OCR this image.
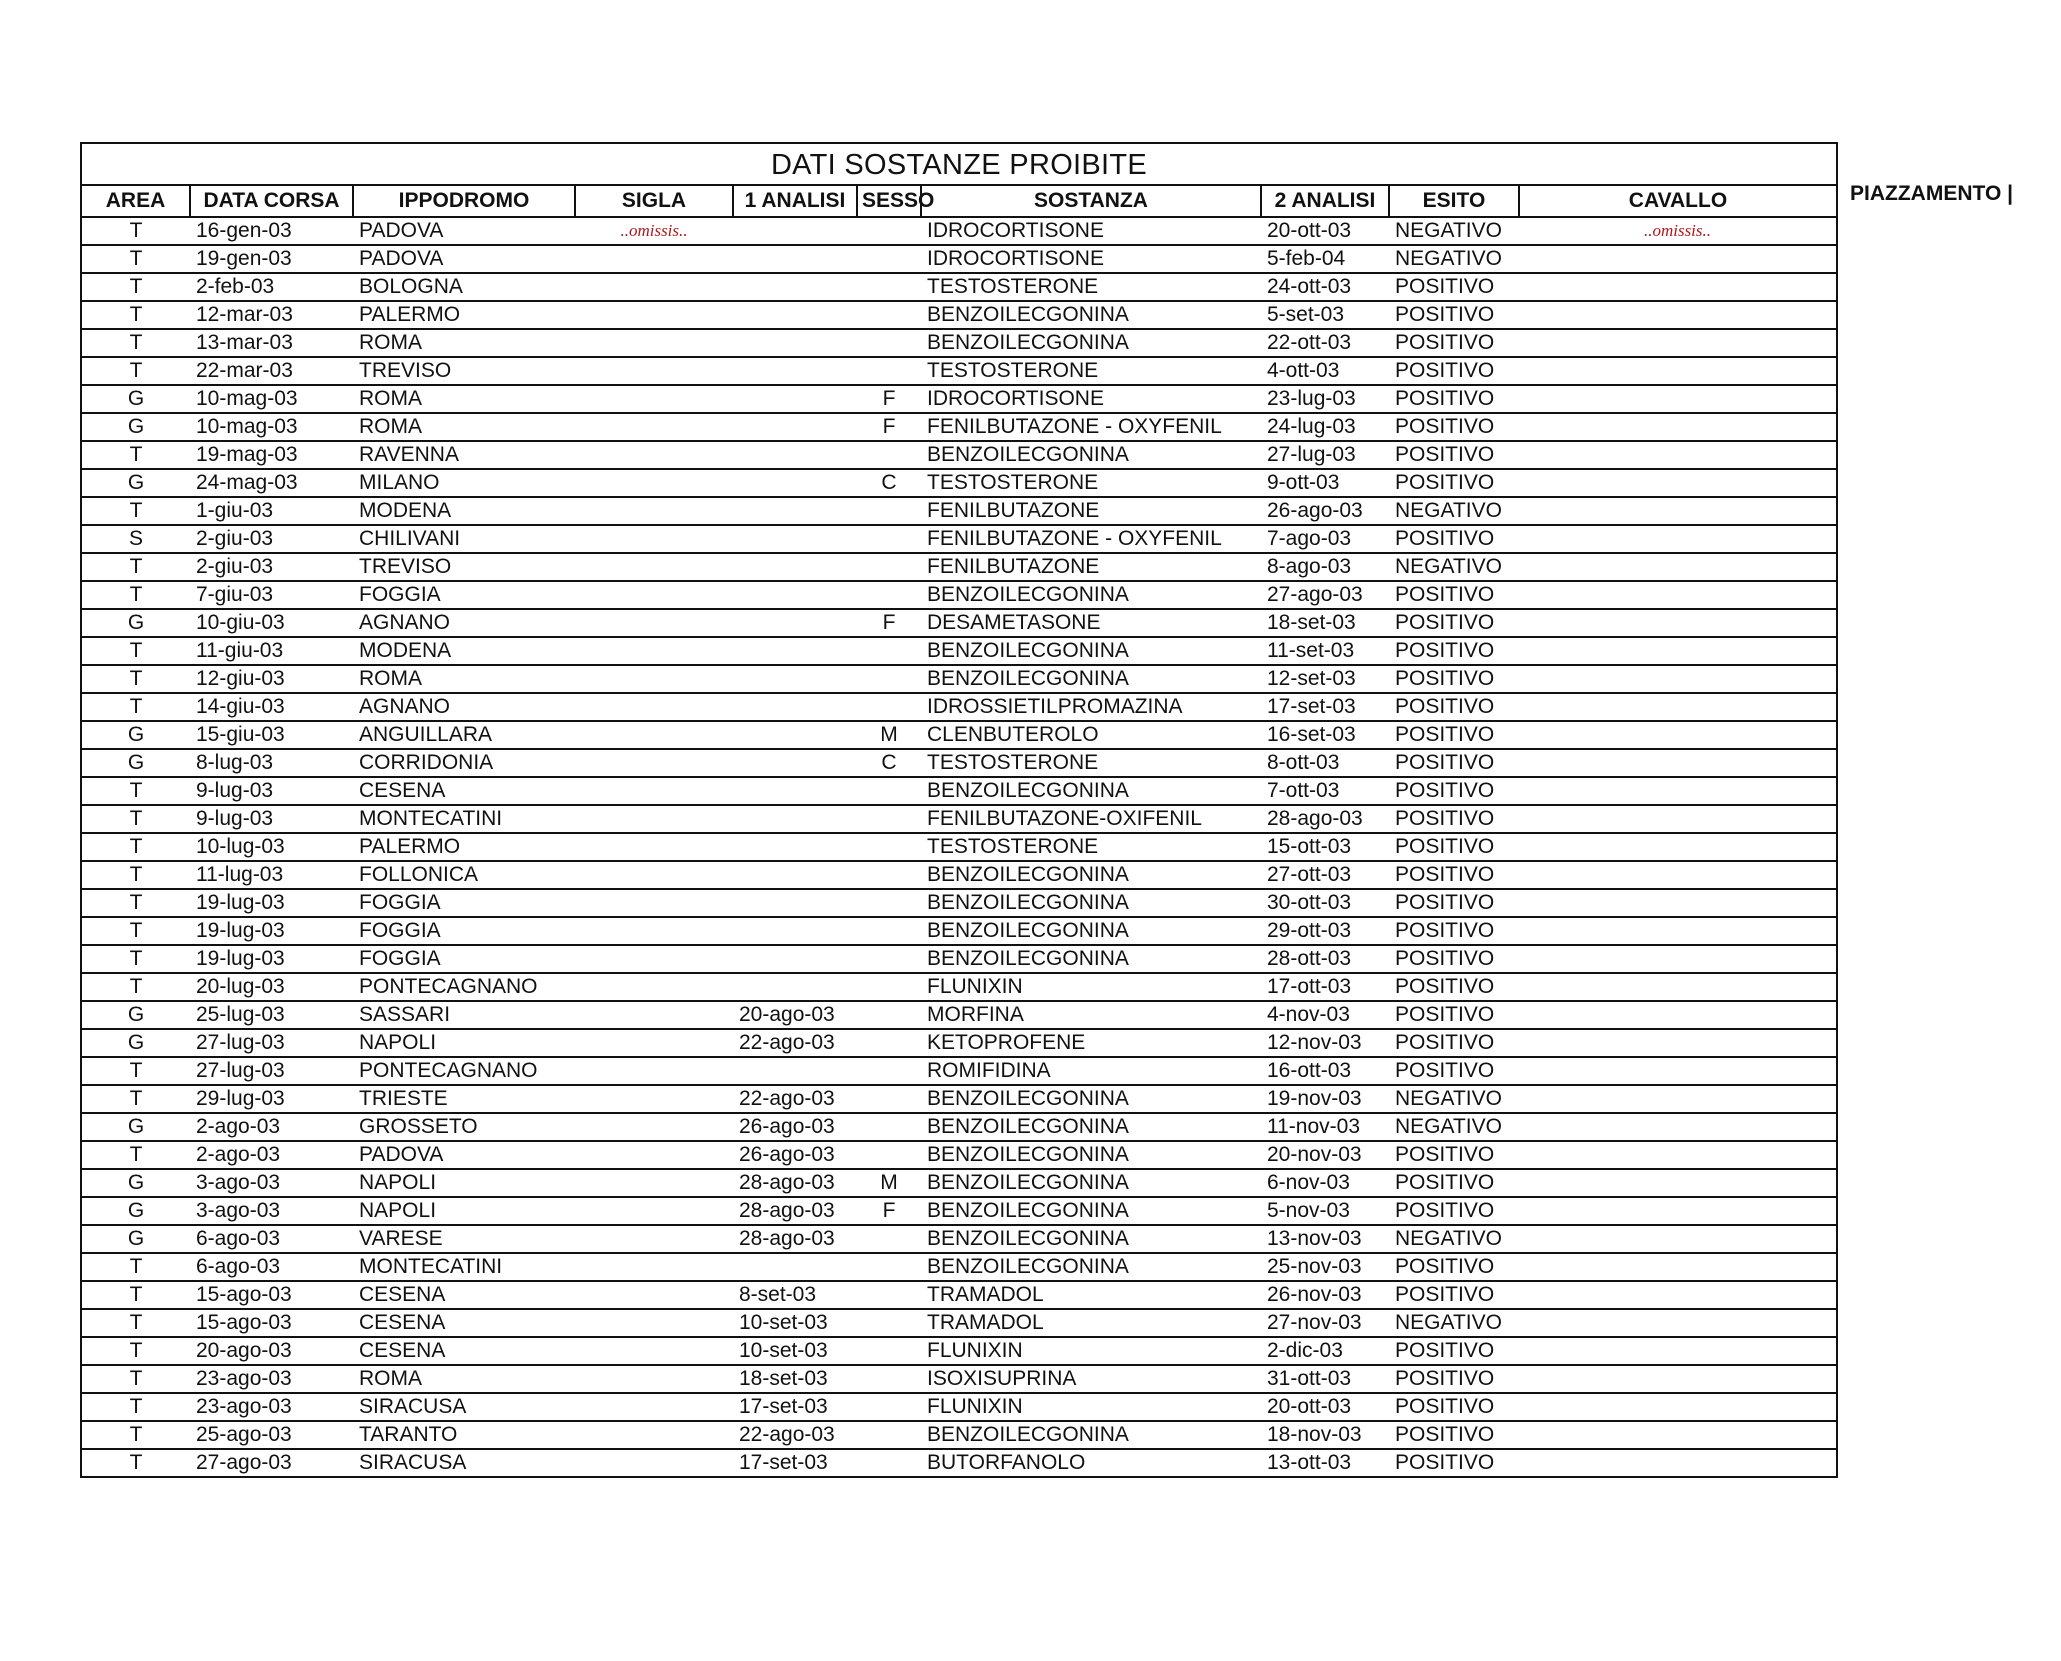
DATI SOSTANZE PROIBITE
AREA	DATA CORSA	IPPODROMO	SIGLA	1 ANALISI	SESSO	SOSTANZA	2 ANALISI	ESITO	CAVALLO
T	16-gen-03	PADOVA	..omissis..			IDROCORTISONE	20-ott-03	NEGATIVO	..omissis..
T	19-gen-03	PADOVA				IDROCORTISONE	5-feb-04	NEGATIVO	
T	2-feb-03	BOLOGNA				TESTOSTERONE	24-ott-03	POSITIVO	
T	12-mar-03	PALERMO				BENZOILECGONINA	5-set-03	POSITIVO	
T	13-mar-03	ROMA				BENZOILECGONINA	22-ott-03	POSITIVO	
T	22-mar-03	TREVISO				TESTOSTERONE	4-ott-03	POSITIVO	
G	10-mag-03	ROMA			F	IDROCORTISONE	23-lug-03	POSITIVO	
G	10-mag-03	ROMA			F	FENILBUTAZONE - OXYFENIL	24-lug-03	POSITIVO	
T	19-mag-03	RAVENNA				BENZOILECGONINA	27-lug-03	POSITIVO	
G	24-mag-03	MILANO			C	TESTOSTERONE	9-ott-03	POSITIVO	
T	1-giu-03	MODENA				FENILBUTAZONE	26-ago-03	NEGATIVO	
S	2-giu-03	CHILIVANI				FENILBUTAZONE - OXYFENIL	7-ago-03	POSITIVO	
T	2-giu-03	TREVISO				FENILBUTAZONE	8-ago-03	NEGATIVO	
T	7-giu-03	FOGGIA				BENZOILECGONINA	27-ago-03	POSITIVO	
G	10-giu-03	AGNANO			F	DESAMETASONE	18-set-03	POSITIVO	
T	11-giu-03	MODENA				BENZOILECGONINA	11-set-03	POSITIVO	
T	12-giu-03	ROMA				BENZOILECGONINA	12-set-03	POSITIVO	
T	14-giu-03	AGNANO				IDROSSIETILPROMAZINA	17-set-03	POSITIVO	
G	15-giu-03	ANGUILLARA			M	CLENBUTEROLO	16-set-03	POSITIVO	
G	8-lug-03	CORRIDONIA			C	TESTOSTERONE	8-ott-03	POSITIVO	
T	9-lug-03	CESENA				BENZOILECGONINA	7-ott-03	POSITIVO	
T	9-lug-03	MONTECATINI				FENILBUTAZONE-OXIFENIL	28-ago-03	POSITIVO	
T	10-lug-03	PALERMO				TESTOSTERONE	15-ott-03	POSITIVO	
T	11-lug-03	FOLLONICA				BENZOILECGONINA	27-ott-03	POSITIVO	
T	19-lug-03	FOGGIA				BENZOILECGONINA	30-ott-03	POSITIVO	
T	19-lug-03	FOGGIA				BENZOILECGONINA	29-ott-03	POSITIVO	
T	19-lug-03	FOGGIA				BENZOILECGONINA	28-ott-03	POSITIVO	
T	20-lug-03	PONTECAGNANO				FLUNIXIN	17-ott-03	POSITIVO	
G	25-lug-03	SASSARI		20-ago-03		MORFINA	4-nov-03	POSITIVO	
G	27-lug-03	NAPOLI		22-ago-03		KETOPROFENE	12-nov-03	POSITIVO	
T	27-lug-03	PONTECAGNANO				ROMIFIDINA	16-ott-03	POSITIVO	
T	29-lug-03	TRIESTE		22-ago-03		BENZOILECGONINA	19-nov-03	NEGATIVO	
G	2-ago-03	GROSSETO		26-ago-03		BENZOILECGONINA	11-nov-03	NEGATIVO	
T	2-ago-03	PADOVA		26-ago-03		BENZOILECGONINA	20-nov-03	POSITIVO	
G	3-ago-03	NAPOLI		28-ago-03	M	BENZOILECGONINA	6-nov-03	POSITIVO	
G	3-ago-03	NAPOLI		28-ago-03	F	BENZOILECGONINA	5-nov-03	POSITIVO	
G	6-ago-03	VARESE		28-ago-03		BENZOILECGONINA	13-nov-03	NEGATIVO	
T	6-ago-03	MONTECATINI				BENZOILECGONINA	25-nov-03	POSITIVO	
T	15-ago-03	CESENA		8-set-03		TRAMADOL	26-nov-03	POSITIVO	
T	15-ago-03	CESENA		10-set-03		TRAMADOL	27-nov-03	NEGATIVO	
T	20-ago-03	CESENA		10-set-03		FLUNIXIN	2-dic-03	POSITIVO	
T	23-ago-03	ROMA		18-set-03		ISOXISUPRINA	31-ott-03	POSITIVO	
T	23-ago-03	SIRACUSA		17-set-03		FLUNIXIN	20-ott-03	POSITIVO	
T	25-ago-03	TARANTO		22-ago-03		BENZOILECGONINA	18-nov-03	POSITIVO	
T	27-ago-03	SIRACUSA		17-set-03		BUTORFANOLO	13-ott-03	POSITIVO	
PIAZZAMENTO |
